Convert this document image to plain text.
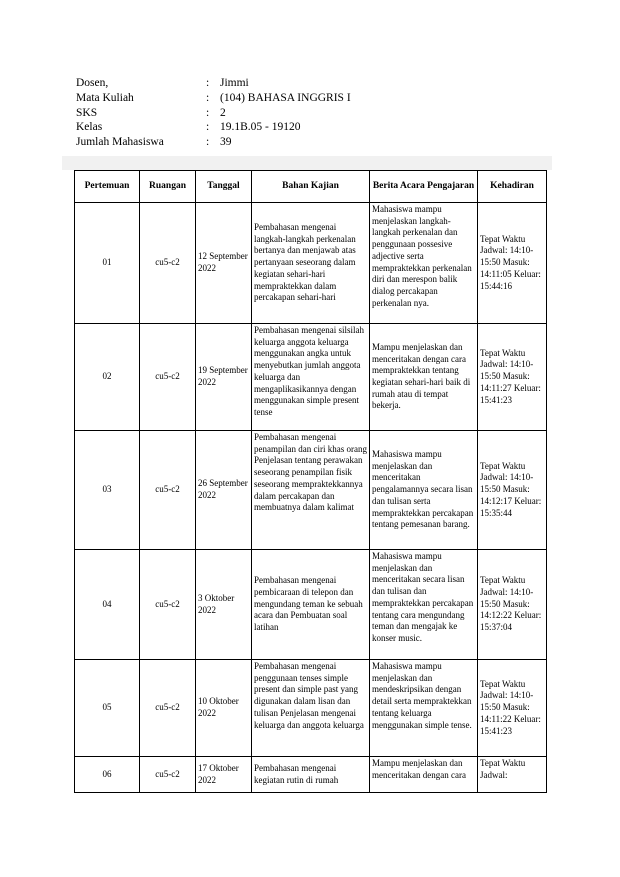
Dosen,	: Jimmi
Mata Kuliah	: (104) BAHASA INGGRIS I
SKS	: 2
Kelas	: 19.1B.05 - 19120
Jumlah Mahasiswa	: 39
Pertemuan	Ruangan	Tanggal	Bahan Kajian	Berita Acara Pengajaran	Kehadiran
01	cu5-c2	12 September 2022	Pembahasan mengenai langkah-langkah perkenalan bertanya dan menjawab atas pertanyaan seseorang dalam kegiatan sehari-hari mempraktekkan dalam percakapan sehari-hari	Mahasiswa mampu menjelaskan langkah-langkah perkenalan dan penggunaan possesive adjective serta mempraktekkan perkenalan diri dan merespon balik dialog percakapan perkenalan nya.	Tepat Waktu Jadwal: 14:10-15:50 Masuk: 14:11:05 Keluar: 15:44:16
02	cu5-c2	19 September 2022	Pembahasan mengenai silsilah keluarga anggota keluarga menggunakan angka untuk menyebutkan jumlah anggota keluarga dan mengaplikasikannya dengan menggunakan simple present tense	Mampu menjelaskan dan menceritakan dengan cara mempraktekkan tentang kegiatan sehari-hari baik di rumah atau di tempat bekerja.	Tepat Waktu Jadwal: 14:10-15:50 Masuk: 14:11:27 Keluar: 15:41:23
03	cu5-c2	26 September 2022	Pembahasan mengenai penampilan dan ciri khas orang Penjelasan tentang perawakan seseorang penampilan fisik seseorang mempraktekkannya dalam percakapan dan membuatnya dalam kalimat	Mahasiswa mampu menjelaskan dan menceritakan pengalamannya secara lisan dan tulisan serta mempraktekkan percakapan tentang pemesanan barang.	Tepat Waktu Jadwal: 14:10-15:50 Masuk: 14:12:17 Keluar: 15:35:44
04	cu5-c2	3 Oktober 2022	Pembahasan mengenai pembicaraan di telepon dan mengundang teman ke sebuah acara dan Pembuatan soal latihan	Mahasiswa mampu menjelaskan dan menceritakan secara lisan dan tulisan dan mempraktekkan percakapan tentang cara mengundang teman dan mengajak ke konser music.	Tepat Waktu Jadwal: 14:10-15:50 Masuk: 14:12:22 Keluar: 15:37:04
05	cu5-c2	10 Oktober 2022	Pembahasan mengenai penggunaan tenses simple present dan simple past yang digunakan dalam lisan dan tulisan Penjelasan mengenai keluarga dan anggota keluarga	Mahasiswa mampu menjelaskan dan mendeskripsikan dengan detail serta mempraktekkan tentang keluarga menggunakan simple tense.	Tepat Waktu Jadwal: 14:10-15:50 Masuk: 14:11:22 Keluar: 15:41:23
06	cu5-c2	17 Oktober 2022	Pembahasan mengenai kegiatan rutin di rumah	Mampu menjelaskan dan menceritakan dengan cara	Tepat Waktu Jadwal:
